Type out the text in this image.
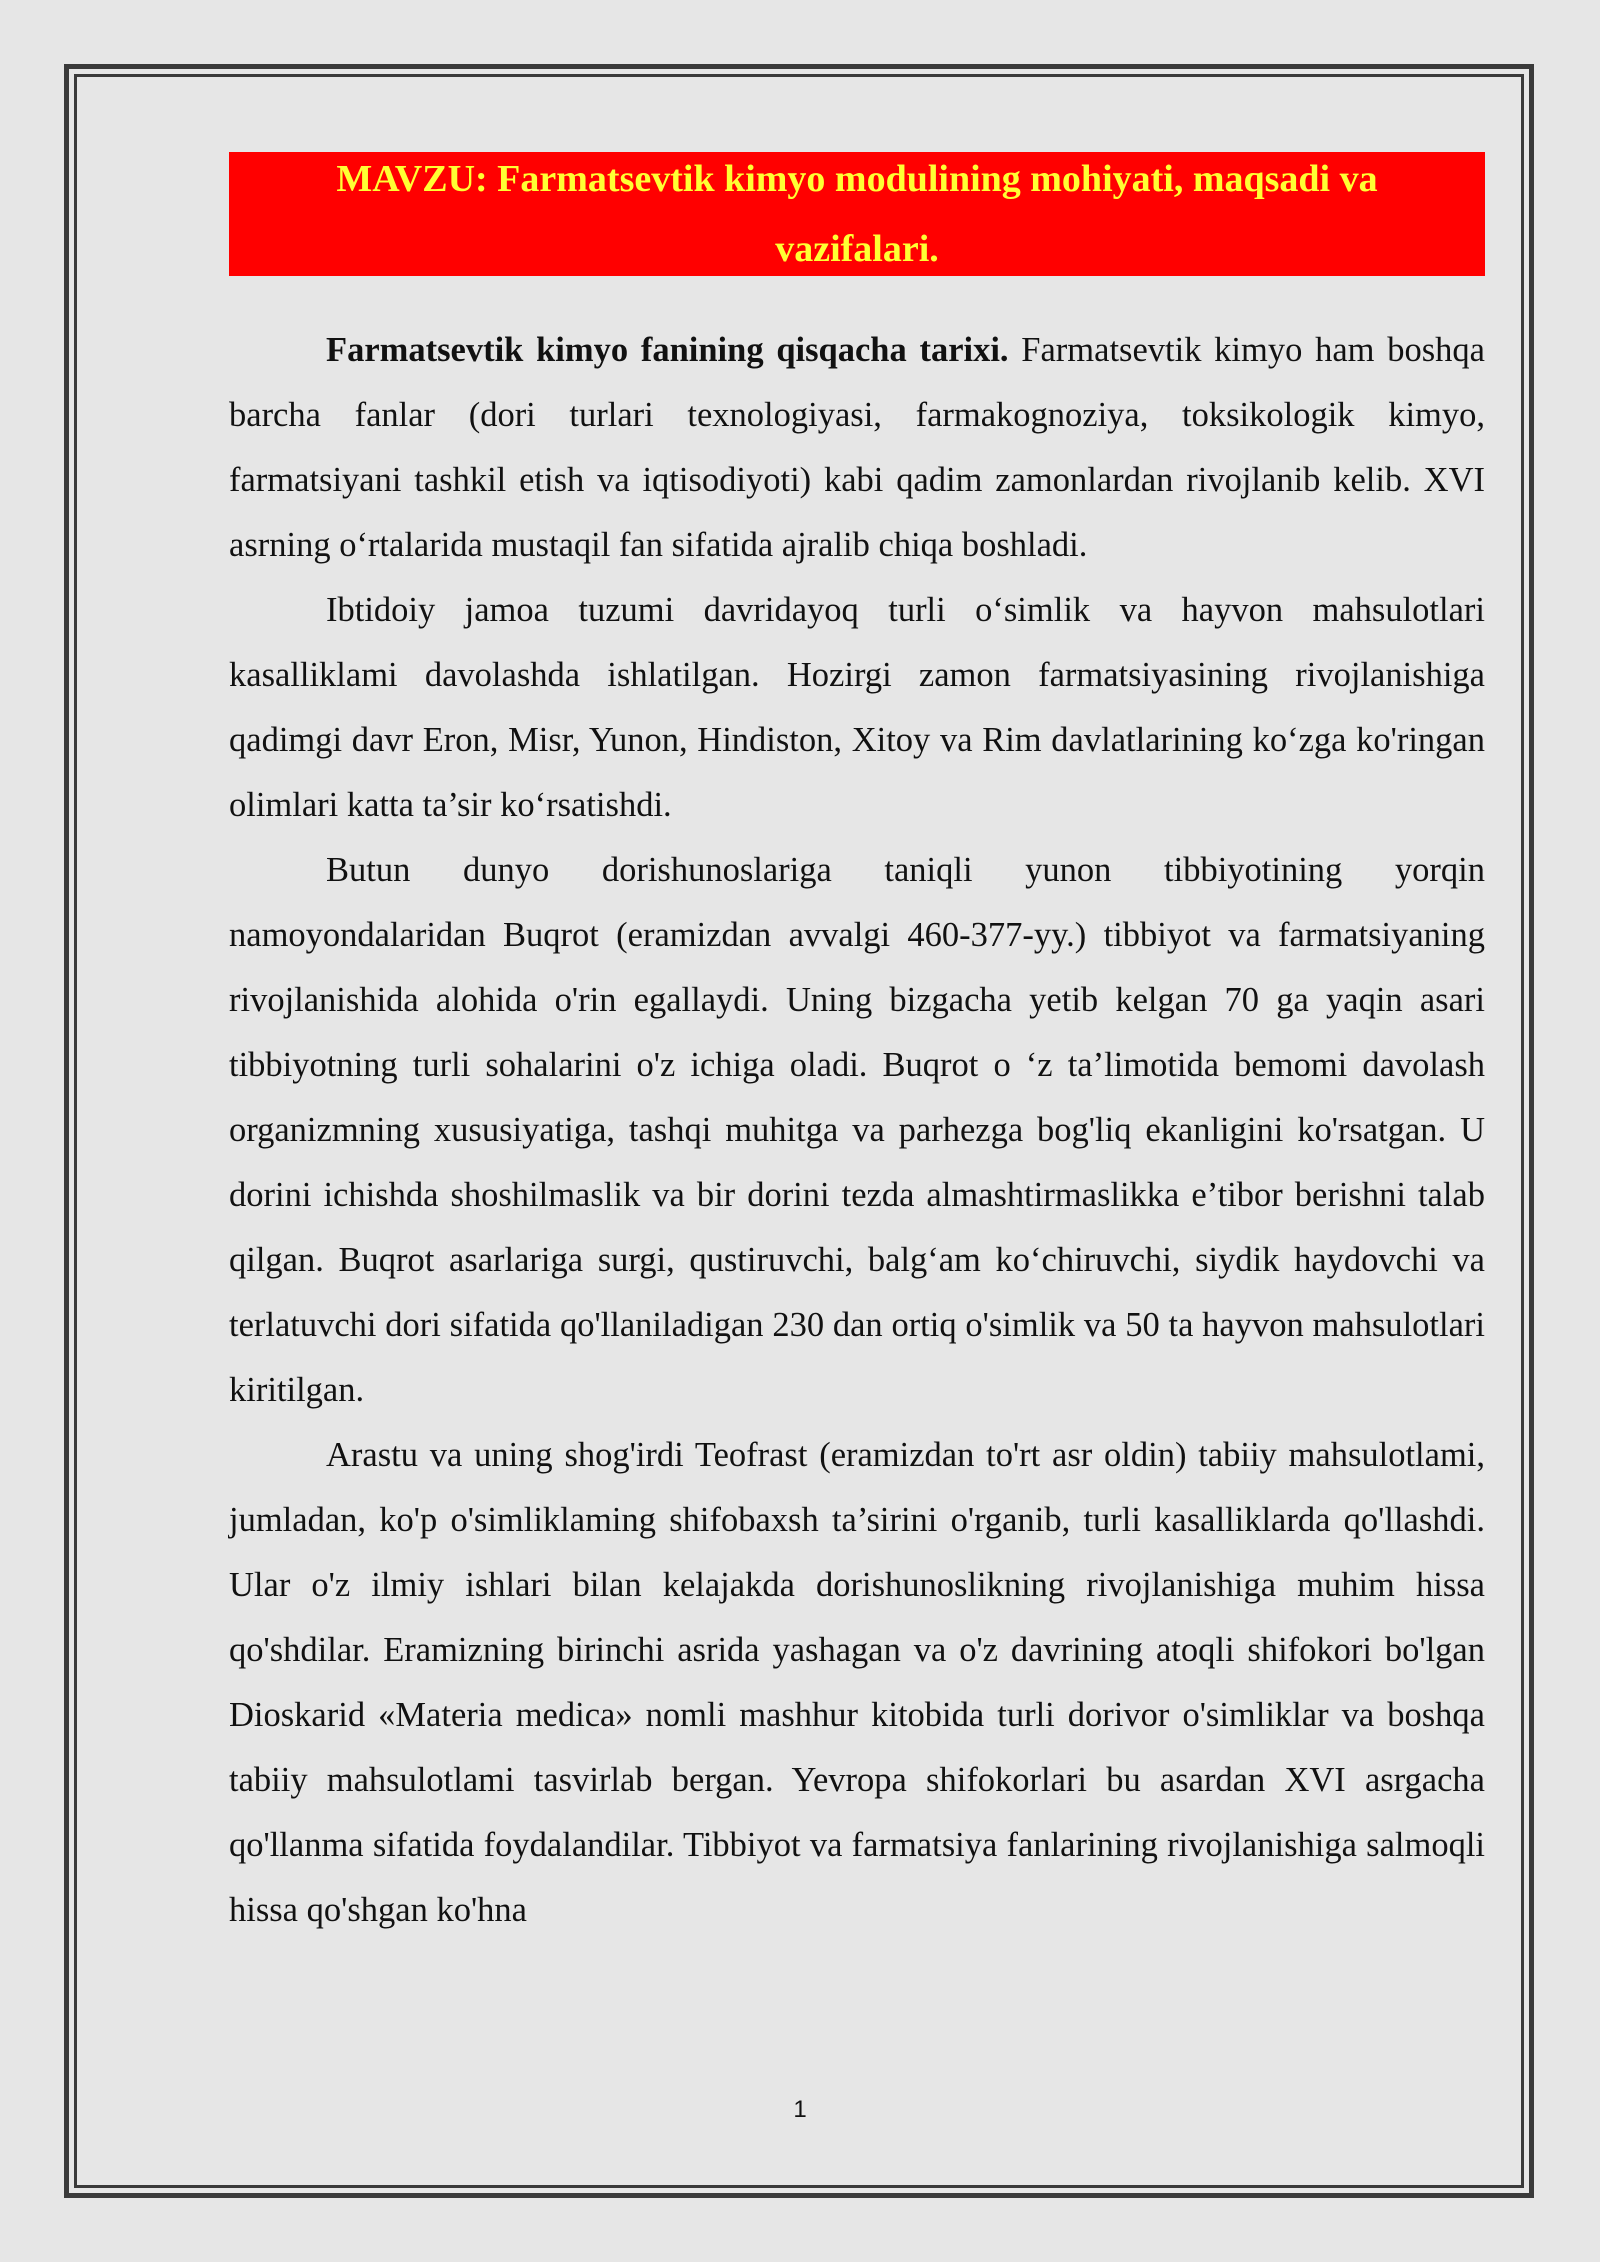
MAVZU: Farmatsevtik kimyo modulining mohiyati, maqsadi va
vazifalari.

Farmatsevtik kimyo fanining qisqacha tarixi. Farmatsevtik kimyo ham boshqa barcha fanlar (dori turlari texnologiyasi, farmakognoziya, toksikologik kimyo, farmatsiyani tashkil etish va iqtisodiyoti) kabi qadim zamonlardan rivojlanib kelib. XVI asrning o‘rtalarida mustaqil fan sifatida ajralib chiqa boshladi.

Ibtidoiy jamoa tuzumi davridayoq turli o‘simlik va hayvon mahsulotlari kasalliklami davolashda ishlatilgan. Hozirgi zamon farmatsiyasining rivojlanishiga qadimgi davr Eron, Misr, Yunon, Hindiston, Xitoy va Rim davlatlarining ko‘zga ko'ringan olimlari katta ta’sir ko‘rsatishdi.

Butun dunyo dorishunoslariga taniqli yunon tibbiyotining yorqin namoyondalaridan Buqrot (eramizdan avvalgi 460-377-yy.) tibbiyot va farmatsiyaning rivojlanishida alohida o'rin egallaydi. Uning bizgacha yetib kelgan 70 ga yaqin asari tibbiyotning turli sohalarini o'z ichiga oladi. Buqrot o ‘z ta’limotida bemomi davolash organizmning xususiyatiga, tashqi muhitga va parhezga bog'liq ekanligini ko'rsatgan. U dorini ichishda shoshilmaslik va bir dorini tezda almashtirmaslikka e’tibor berishni talab qilgan. Buqrot asarlariga surgi, qustiruvchi, balg‘am ko‘chiruvchi, siydik haydovchi va terlatuvchi dori sifatida qo'llaniladigan 230 dan ortiq o'simlik va 50 ta hayvon mahsulotlari kiritilgan.

Arastu va uning shog'irdi Teofrast (eramizdan to'rt asr oldin) tabiiy mahsulotlami, jumladan, ko'p o'simliklaming shifobaxsh ta’sirini o'rganib, turli kasalliklarda qo'llashdi. Ular o'z ilmiy ishlari bilan kelajakda dorishunoslikning rivojlanishiga muhim hissa qo'shdilar. Eramizning birinchi asrida yashagan va o'z davrining atoqli shifokori bo'lgan Dioskarid «Materia medica» nomli mashhur kitobida turli dorivor o'simliklar va boshqa tabiiy mahsulotlami tasvirlab bergan. Yevropa shifokorlari bu asardan XVI asrgacha qo'llanma sifatida foydalandilar. Tibbiyot va farmatsiya fanlarining rivojlanishiga salmoqli hissa qo'shgan ko'hna

1
